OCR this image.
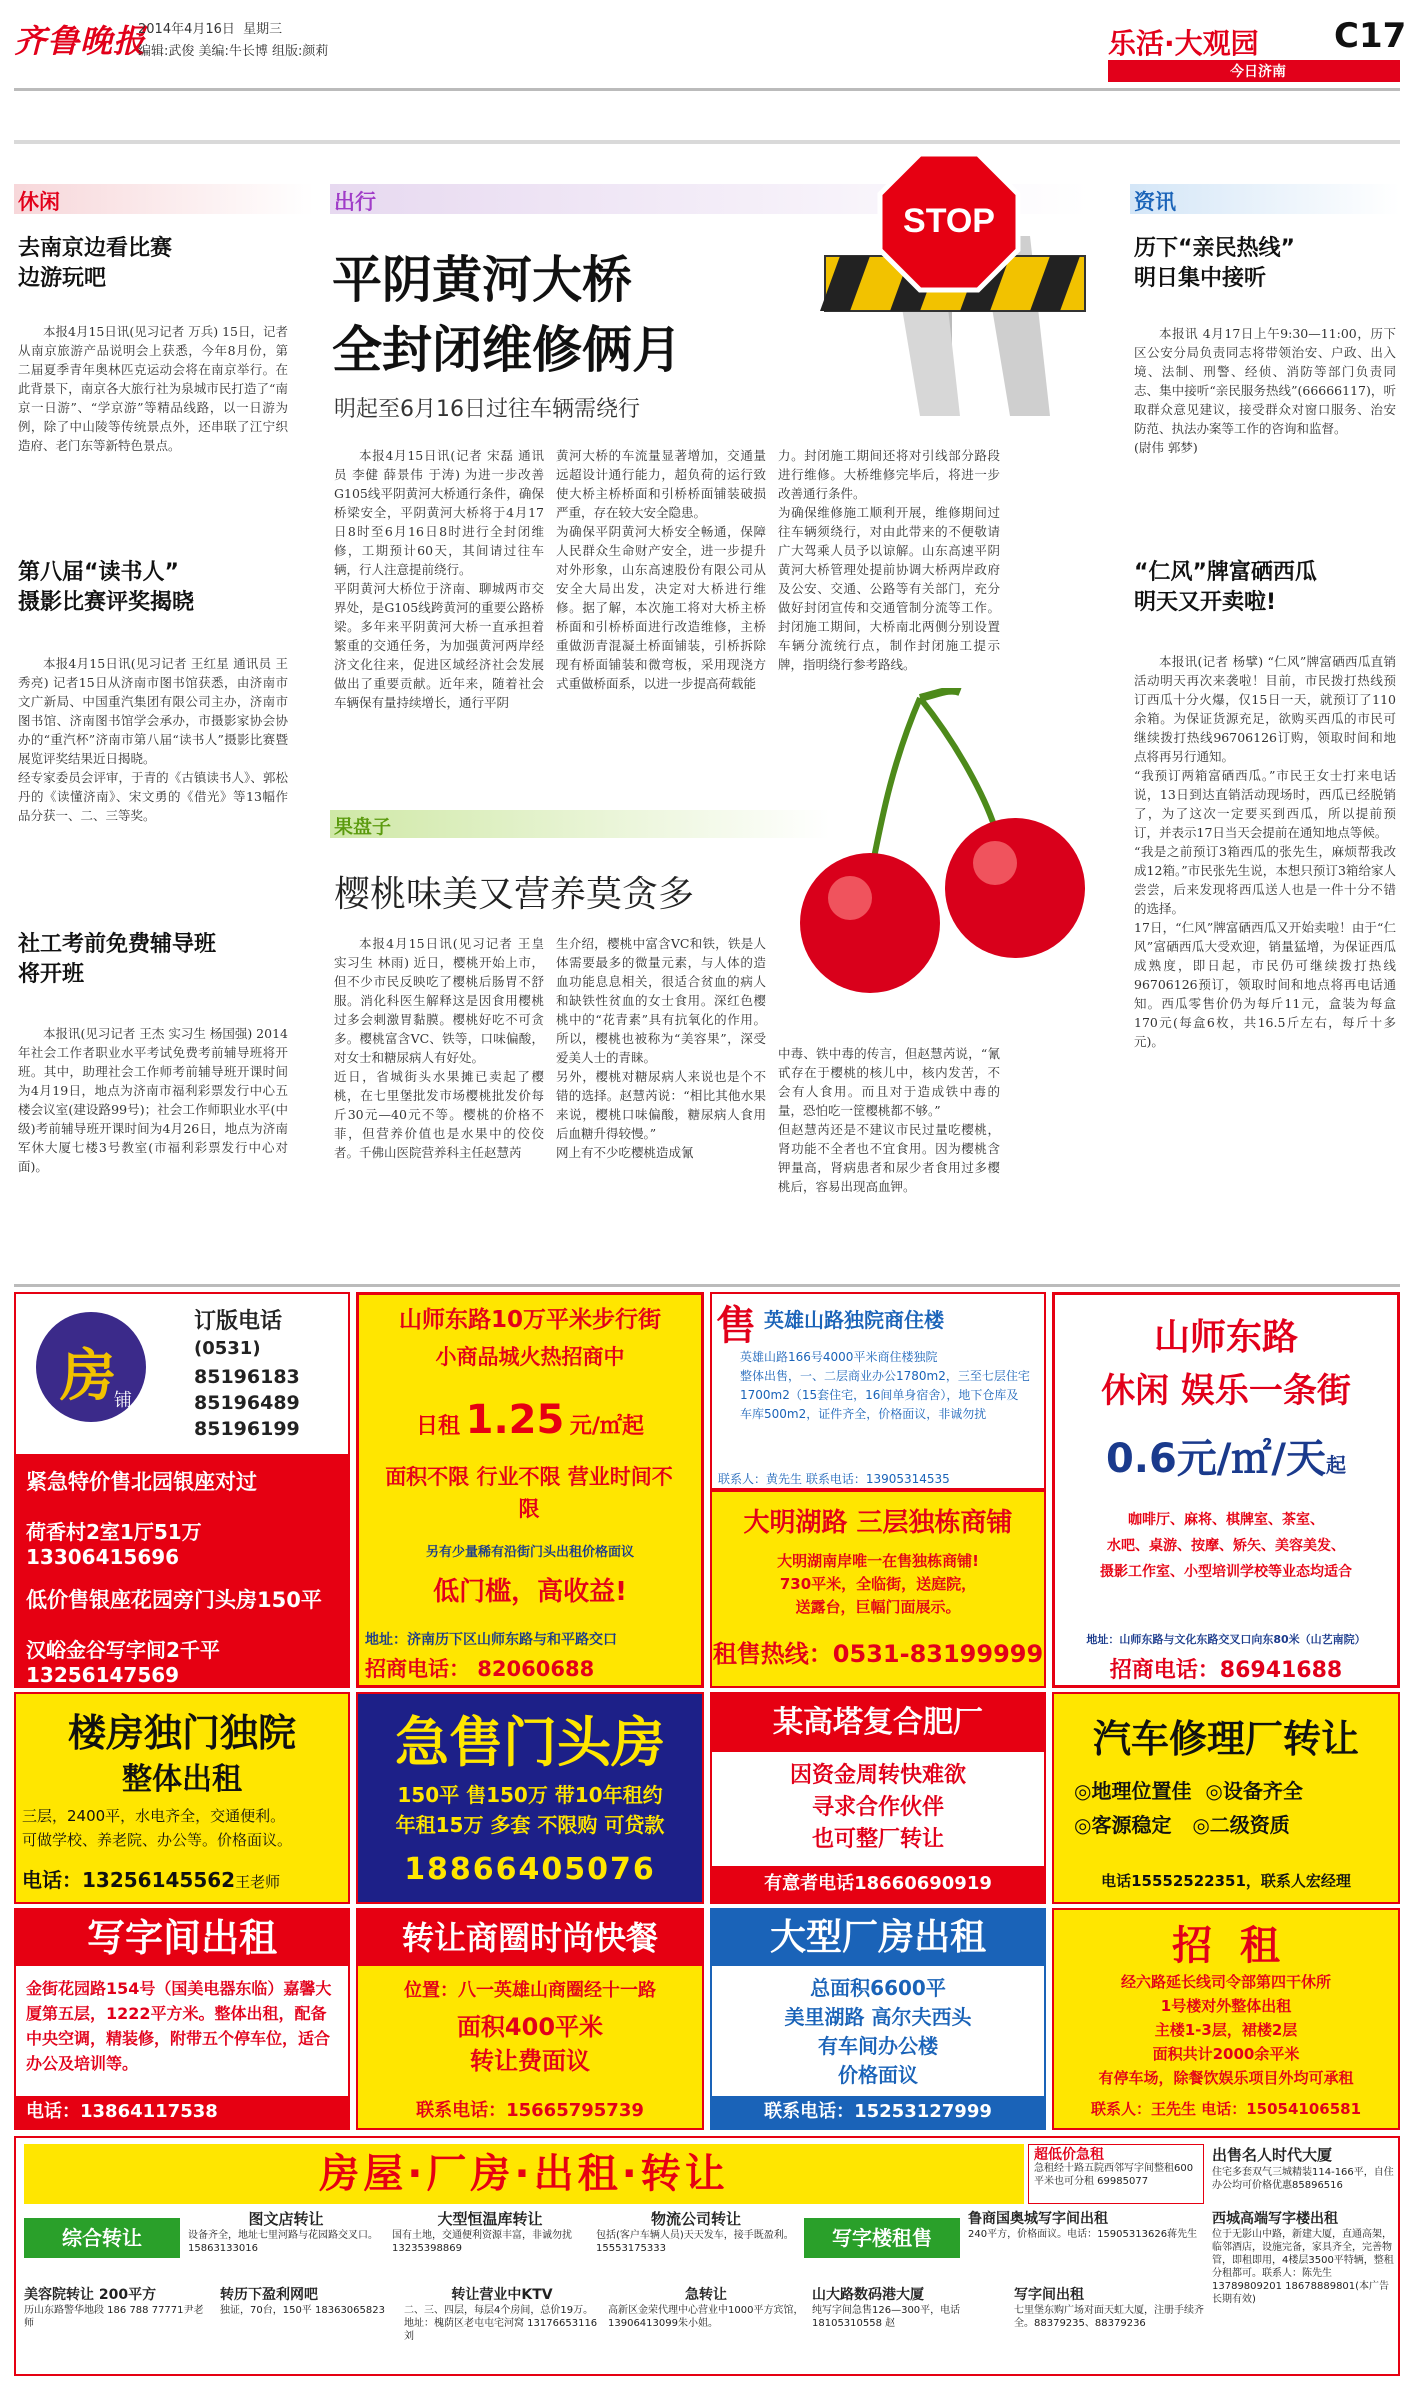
齐鲁晚报
2014年4月16日 星期三
编辑:武俊 美编:牛长博 组版:颜莉	乐活·大观园 C17
今日济南
休闲
去南京边看比赛
边游玩吧
本报4月15日讯(见习记者 万兵) 15日，记者从南京旅游产品说明会上获悉，今年8月份，第二届夏季青年奥林匹克运动会将在南京举行。在此背景下，南京各大旅行社为泉城市民打造了“南京一日游”、“学京游”等精品线路，以一日游为例，除了中山陵等传统景点外，还串联了江宁织造府、老门东等新特色景点。
第八届“读书人”
摄影比赛评奖揭晓
本报4月15日讯(见习记者 王红星 通讯员 王秀亮) 记者15日从济南市图书馆获悉，由济南市文广新局、中国重汽集团有限公司主办，济南市图书馆、济南图书馆学会承办，市摄影家协会协办的“重汽杯”济南市第八届“读书人”摄影比赛暨展览评奖结果近日揭晓。
经专家委员会评审，于青的《古镇读书人》、郭松丹的《读懂济南》、宋文勇的《借光》等13幅作品分获一、二、三等奖。
社工考前免费辅导班
将开班
本报讯(见习记者 王杰 实习生 杨国强) 2014年社会工作者职业水平考试免费考前辅导班将开班。其中，助理社会工作师考前辅导班开课时间为4月19日，地点为济南市福利彩票发行中心五楼会议室(建设路99号)；社会工作师职业水平(中级)考前辅导班开课时间为4月26日，地点为济南军休大厦七楼3号教室(市福利彩票发行中心对面)。
出行
平阴黄河大桥
全封闭维修俩月
明起至6月16日过往车辆需绕行
STOP
本报4月15日讯(记者 宋磊 通讯员 李健 薛景伟 于涛) 为进一步改善G105线平阴黄河大桥通行条件，确保桥梁安全，平阴黄河大桥将于4月17日8时至6月16日8时进行全封闭维修，工期预计60天，其间请过往车辆，行人注意提前绕行。
平阴黄河大桥位于济南、聊城两市交界处，是G105线跨黄河的重要公路桥梁。多年来平阴黄河大桥一直承担着繁重的交通任务，为加强黄河两岸经济文化往来，促进区域经济社会发展做出了重要贡献。近年来，随着社会车辆保有量持续增长，通行平阴
黄河大桥的车流量显著增加，交通量远超设计通行能力，超负荷的运行致使大桥主桥桥面和引桥桥面铺装破损严重，存在较大安全隐患。
为确保平阴黄河大桥安全畅通，保障人民群众生命财产安全，进一步提升对外形象，山东高速股份有限公司从安全大局出发，决定对大桥进行维修。据了解，本次施工将对大桥主桥桥面和引桥桥面进行改造维修，主桥重做沥青混凝土桥面铺装，引桥拆除现有桥面铺装和微弯板，采用现浇方式重做桥面系，以进一步提高荷载能
力。封闭施工期间还将对引线部分路段进行维修。大桥维修完毕后，将进一步改善通行条件。
为确保维修施工顺利开展，维修期间过往车辆须绕行，对由此带来的不便敬请广大驾乘人员予以谅解。山东高速平阴黄河大桥管理处提前协调大桥两岸政府及公安、交通、公路等有关部门，充分做好封闭宣传和交通管制分流等工作。封闭施工期间，大桥南北两侧分别设置车辆分流统行点，制作封闭施工提示牌，指明绕行参考路线。
果盘子
樱桃味美又营养莫贪多
本报4月15日讯(见习记者 王皇 实习生 林雨) 近日，樱桃开始上市，但不少市民反映吃了樱桃后肠胃不舒服。消化科医生解释这是因食用樱桃过多会刺激胃黏膜。樱桃好吃不可贪多。樱桃富含VC、铁等，口味偏酸，对女士和糖尿病人有好处。
近日，省城街头水果摊已卖起了樱桃，在七里堡批发市场樱桃批发价每斤30元—40元不等。樱桃的价格不菲，但营养价值也是水果中的佼佼者。千佛山医院营养科主任赵慧芮
生介绍，樱桃中富含VC和铁，铁是人体需要最多的微量元素，与人体的造血功能息息相关，很适合贫血的病人和缺铁性贫血的女士食用。深红色樱桃中的“花青素”具有抗氧化的作用。所以，樱桃也被称为“美容果”，深受爱美人士的青睐。
另外，樱桃对糖尿病人来说也是个不错的选择。赵慧芮说：“相比其他水果来说，樱桃口味偏酸，糖尿病人食用后血糖升得较慢。”
网上有不少吃樱桃造成氰
中毒、铁中毒的传言，但赵慧芮说，“氰甙存在于樱桃的核儿中，核内发苦，不会有人食用。而且对于造成铁中毒的量，恐怕吃一筐樱桃都不够。”
但赵慧芮还是不建议市民过量吃樱桃，肾功能不全者也不宜食用。因为樱桃含钾量高，肾病患者和尿少者食用过多樱桃后，容易出现高血钾。
资讯
历下“亲民热线”
明日集中接听
本报讯 4月17日上午9:30—11:00，历下区公安分局负责同志将带领治安、户政、出入境、法制、刑警、经侦、消防等部门负责同志、集中接听“亲民服务热线”(66666117)，听取群众意见建议，接受群众对窗口服务、治安防范、执法办案等工作的咨询和监督。
(尉伟 郭梦)
“仁风”牌富硒西瓜
明天又开卖啦!
本报讯(记者 杨擘) “仁风”牌富硒西瓜直销活动明天再次来袭啦！目前，市民拨打热线预订西瓜十分火爆，仅15日一天，就预订了110余箱。为保证货源充足，欲购买西瓜的市民可继续拨打热线96706126订购，领取时间和地点将再另行通知。
“我预订两箱富硒西瓜。”市民王女士打来电话说，13日到达直销活动现场时，西瓜已经脱销了，为了这次一定要买到西瓜，所以提前预订，并表示17日当天会提前在通知地点等候。
“我是之前预订3箱西瓜的张先生，麻烦帮我改成12箱。”市民张先生说，本想只预订3箱给家人尝尝，后来发现将西瓜送人也是一件十分不错的选择。
17日，“仁风”牌富硒西瓜又开始卖啦！由于“仁风”富硒西瓜大受欢迎，销量猛增，为保证西瓜成熟度，即日起，市民仍可继续拨打热线96706126预订，领取时间和地点将再电话通知。西瓜零售价仍为每斤11元，盒装为每盒170元(每盒6枚，共16.5斤左右，每斤十多元)。
房
铺
订版电话
(0531)
85196183
85196489
85196199
紧急特价售北园银座对过
荷香村2室1厅51万13306415696
低价售银座花园旁门头房150平
汉峪金谷写字间2千平13256147569
山师东路10万平米步行街
小商品城火热招商中
日租 1.25 元/㎡起
面积不限 行业不限 营业时间不限
另有少量稀有沿街门头出租价格面议
低门槛，高收益!
地址：济南历下区山师东路与和平路交口
招商电话： 82060688
售 英雄山路独院商住楼
英雄山路166号4000平米商住楼独院
整体出售，一、二层商业办公1780m2，三至七层住宅1700m2（15套住宅，16间单身宿舍），地下仓库及车库500m2，证件齐全，价格面议，非诚勿扰
联系人：黄先生 联系电话：13905314535
大明湖路 三层独栋商铺
大明湖南岸唯一在售独栋商铺!
730平米，全临街，送庭院，
送露台，巨幅门面展示。
租售热线：0531-83199999
山师东路
休闲 娱乐一条街
0.6元/㎡/天起
咖啡厅、麻将、棋牌室、茶室、
水吧、桌游、按摩、矫矢、美容美发、
摄影工作室、小型培训学校等业态均适合
地址：山师东路与文化东路交叉口向东80米（山艺南院）
招商电话：86941688
楼房独门独院
整体出租
三层，2400平，水电齐全，交通便利。
可做学校、养老院、办公等。价格面议。
电话：13256145562王老师
急售门头房
150平 售150万 带10年租约
年租15万 多套 不限购 可贷款
18866405076
某高塔复合肥厂
因资金周转快难欲
寻求合作伙伴
也可整厂转让
有意者电话18660690919
汽车修理厂转让
◎地理位置佳  ◎设备齐全
◎客源稳定   ◎二级资质
电话15552522351，联系人宏经理
写字间出租
金街花园路154号（国美电器东临）嘉馨大厦第五层，1222平方米。整体出租，配备中央空调，精装修，附带五个停车位，适合办公及培训等。
电话：13864117538
转让商圈时尚快餐
位置：八一英雄山商圈经十一路
面积400平米
转让费面议
联系电话：15665795739
大型厂房出租
总面积6600平
美里湖路 高尔夫西头
有车间办公楼
价格面议
联系电话：15253127999
招  租
经六路延长线司令部第四干休所
1号楼对外整体出租
主楼1-3层，裙楼2层
面积共计2000余平米
有停车场，除餐饮娱乐项目外均可承租
联系人：王先生 电话：15054106581
房屋·厂房·出租·转让	超低价急租
急租经十路五院西邻写字间整租600平米也可分租 69985077
出售名人时代大厦
住宅多套双气三城精装114-166平，自住办公均可价格优惠85896516
综合转让	写字楼租售
图文店转让
设备齐全，地址七里河路与花园路交叉口。15863133016
大型恒温库转让
国有土地，交通便利资源丰富，非诚勿扰 13235398869
物流公司转让
包括(客户车辆人员)天天发车，接手既盈利。15553175333
鲁商国奥城写字间出租
240平方，价格面议。电话：15905313626蒋先生
美容院转让 200平方
历山东路警华地段 186 788 77771尹老师
转历下盈利网吧
独证，70台，150平 18363065823
转让营业中KTV
二、三、四层，每层4个房间，总价19万。地址：槐荫区老屯屯宅河窝 13176653116刘
急转让
高新区金荣代理中心营业中1000平方宾馆，13906413099朱小姐。
山大路数码港大厦
纯写字间急售126—300平，电话18105310558 赵
写字间出租
七里堡东购广场对面天虹大厦，注册手续齐全。88379235、88379236
西城高端写字楼出租
位于无影山中路，新建大厦，直通高架，临邻酒店，设施完备，家具齐全，完善物管，即租即用，4楼层3500平特辆，整租分租都可。联系人：陈先生 13789809201 18678889801(本广告长期有效)
